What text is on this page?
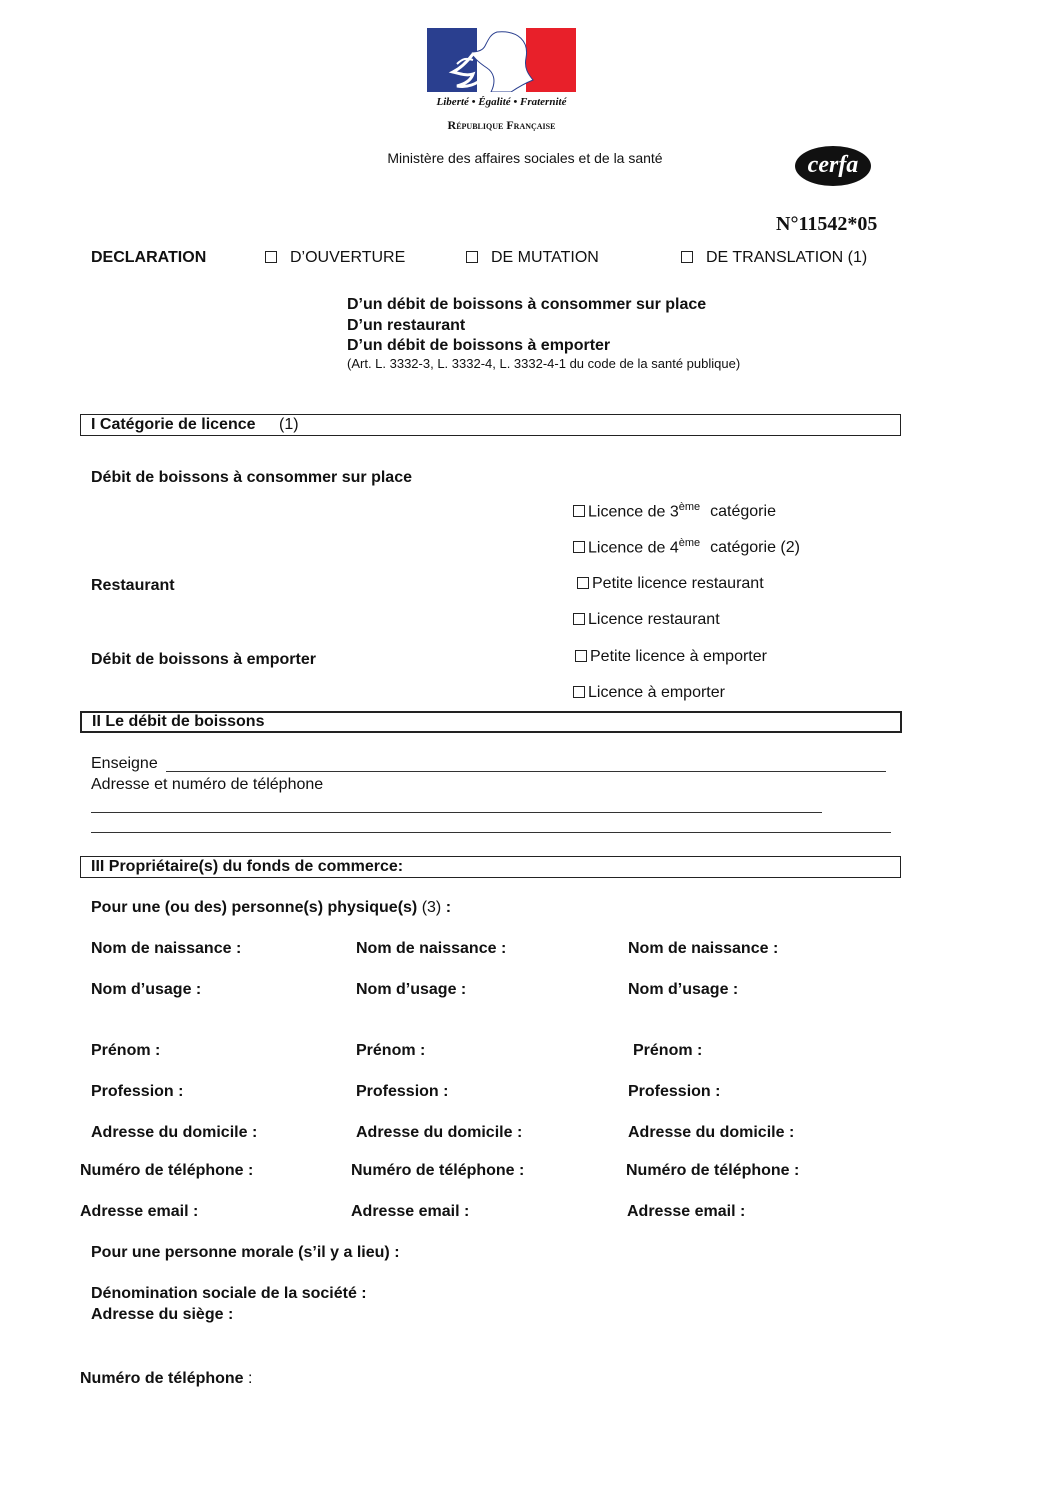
Liberté • Égalité • Fraternité
République Française
Ministère des affaires sociales et de la santé	cerfa
N°11542*05
DECLARATION	D’OUVERTURE	DE MUTATION	DE TRANSLATION (1)
D’un débit de boissons à consommer sur place
D’un restaurant
D’un débit de boissons à emporter
(Art. L. 3332-3, L. 3332-4, L. 3332-4-1 du code de la santé publique)
I Catégorie de licence (1)
Débit de boissons à consommer sur place
Restaurant
Débit de boissons à emporter
Licence de 3ème catégorie
Licence de 4ème catégorie (2)
Petite licence restaurant
Licence restaurant
Petite licence à emporter
Licence à emporter
II Le débit de boissons
Enseigne
Adresse et numéro de téléphone
III Propriétaire(s) du fonds de commerce:
Pour une (ou des) personne(s) physique(s) (3) :
Nom de naissance :
Nom d’usage :
Prénom :
Profession :
Adresse du domicile :
Numéro de téléphone :
Adresse email :
Nom de naissance :
Nom d’usage :
Prénom :
Profession :
Adresse du domicile :
Numéro de téléphone :
Adresse email :
Nom de naissance :
Nom d’usage :
Prénom :
Profession :
Adresse du domicile :
Numéro de téléphone :
Adresse email :
Pour une personne morale (s’il y a lieu) :
Dénomination sociale de la société :
Adresse du siège :
Numéro de téléphone :
